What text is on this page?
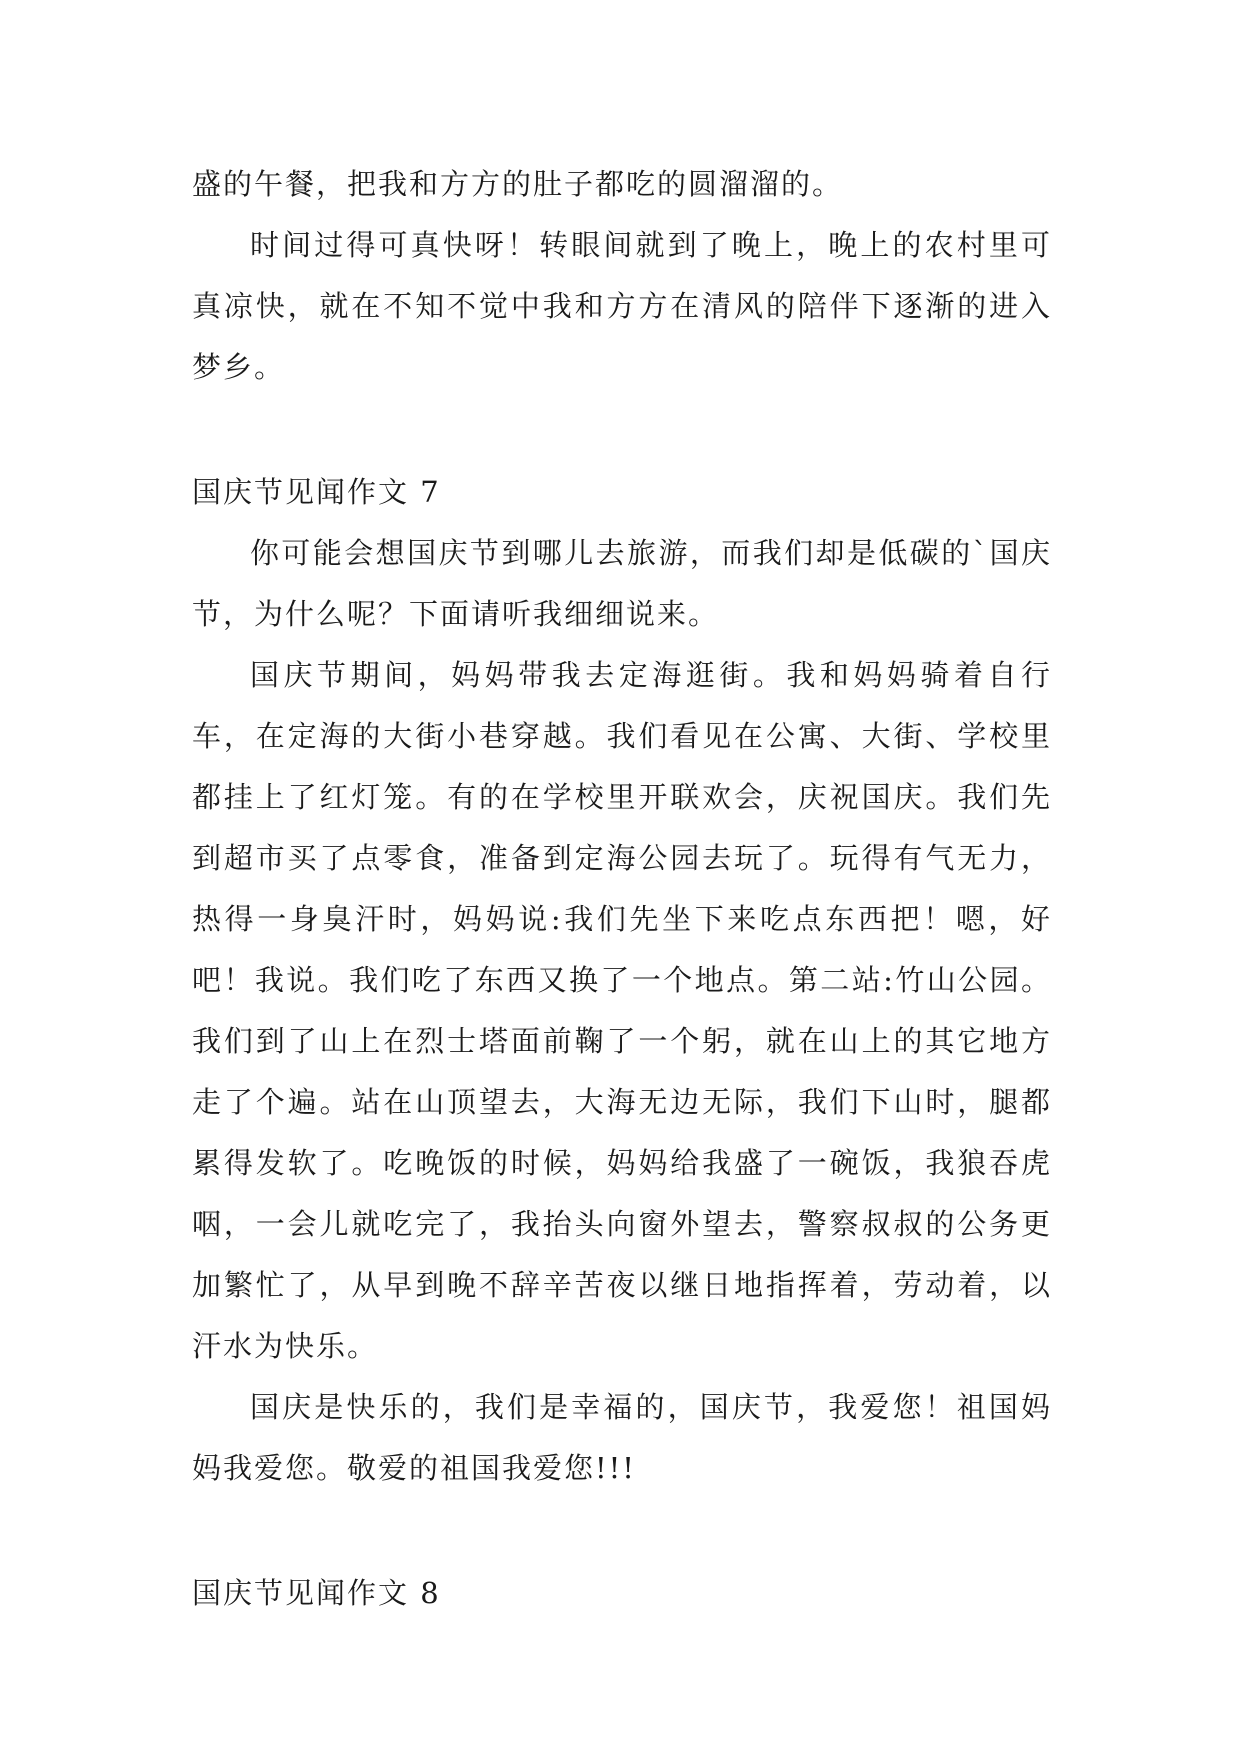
盛的午餐，把我和方方的肚子都吃的圆溜溜的。

时间过得可真快呀！转眼间就到了晚上，晚上的农村里可真凉快，就在不知不觉中我和方方在清风的陪伴下逐渐的进入梦乡。

国庆节见闻作文 7

你可能会想国庆节到哪儿去旅游，而我们却是低碳的`国庆节，为什么呢？下面请听我细细说来。

国庆节期间，妈妈带我去定海逛街。我和妈妈骑着自行车，在定海的大街小巷穿越。我们看见在公寓、大街、学校里都挂上了红灯笼。有的在学校里开联欢会，庆祝国庆。我们先到超市买了点零食，准备到定海公园去玩了。玩得有气无力，热得一身臭汗时，妈妈说:我们先坐下来吃点东西把！嗯，好吧！我说。我们吃了东西又换了一个地点。第二站:竹山公园。我们到了山上在烈士塔面前鞠了一个躬，就在山上的其它地方走了个遍。站在山顶望去，大海无边无际，我们下山时，腿都累得发软了。吃晚饭的时候，妈妈给我盛了一碗饭，我狼吞虎咽，一会儿就吃完了，我抬头向窗外望去，警察叔叔的公务更加繁忙了，从早到晚不辞辛苦夜以继日地指挥着，劳动着，以汗水为快乐。

国庆是快乐的，我们是幸福的，国庆节，我爱您！祖国妈妈我爱您。敬爱的祖国我爱您!!!

国庆节见闻作文 8
